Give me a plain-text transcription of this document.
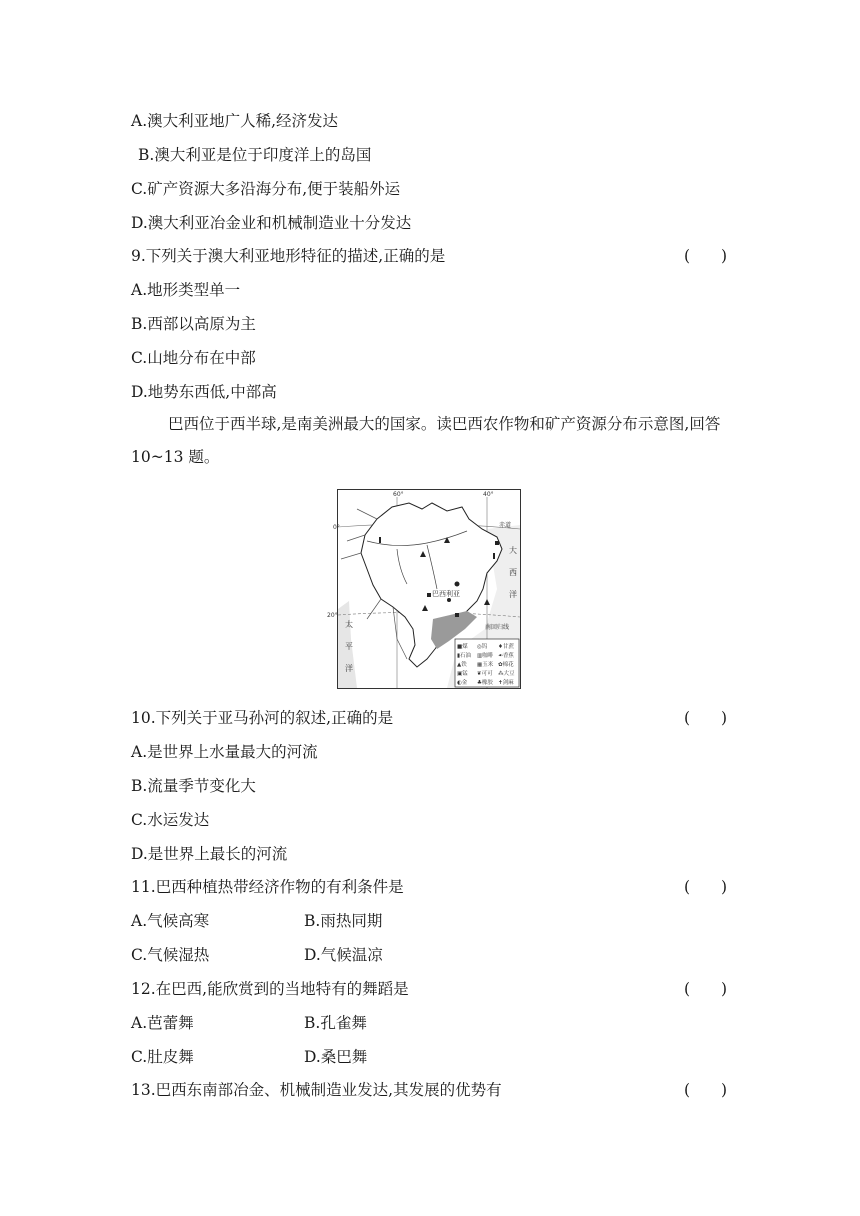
A.澳大利亚地广人稀,经济发达
B.澳大利亚是位于印度洋上的岛国
C.矿产资源大多沿海分布,便于装船外运
D.澳大利亚冶金业和机械制造业十分发达
9.下列关于澳大利亚地形特征的描述,正确的是	(　　)
A.地形类型单一
B.西部以高原为主
C.山地分布在中部
D.地势东西低,中部高
巴西位于西半球,是南美洲最大的国家。读巴西农作物和矿产资源分布示意图,回答 10~13 题。
巴西利亚
60°	40°
0°
20°
赤道
南回归线
大
西
洋
太
平
洋
■煤 ◎钨 ♦甘蔗
▮石油 ▥咖啡 ☙香蕉
▲铁 ▦玉米 ✿棉花
▣锰 ❦可可 ⁂大豆
◐金 ♣橡胶 ✝剑麻
10.下列关于亚马孙河的叙述,正确的是	(　　)
A.是世界上水量最大的河流
B.流量季节变化大
C.水运发达
D.是世界上最长的河流
11.巴西种植热带经济作物的有利条件是	(　　)
A.气候高寒	B.雨热同期
C.气候湿热	D.气候温凉
12.在巴西,能欣赏到的当地特有的舞蹈是	(　　)
A.芭蕾舞	B.孔雀舞
C.肚皮舞	D.桑巴舞
13.巴西东南部冶金、机械制造业发达,其发展的优势有	(　　)
